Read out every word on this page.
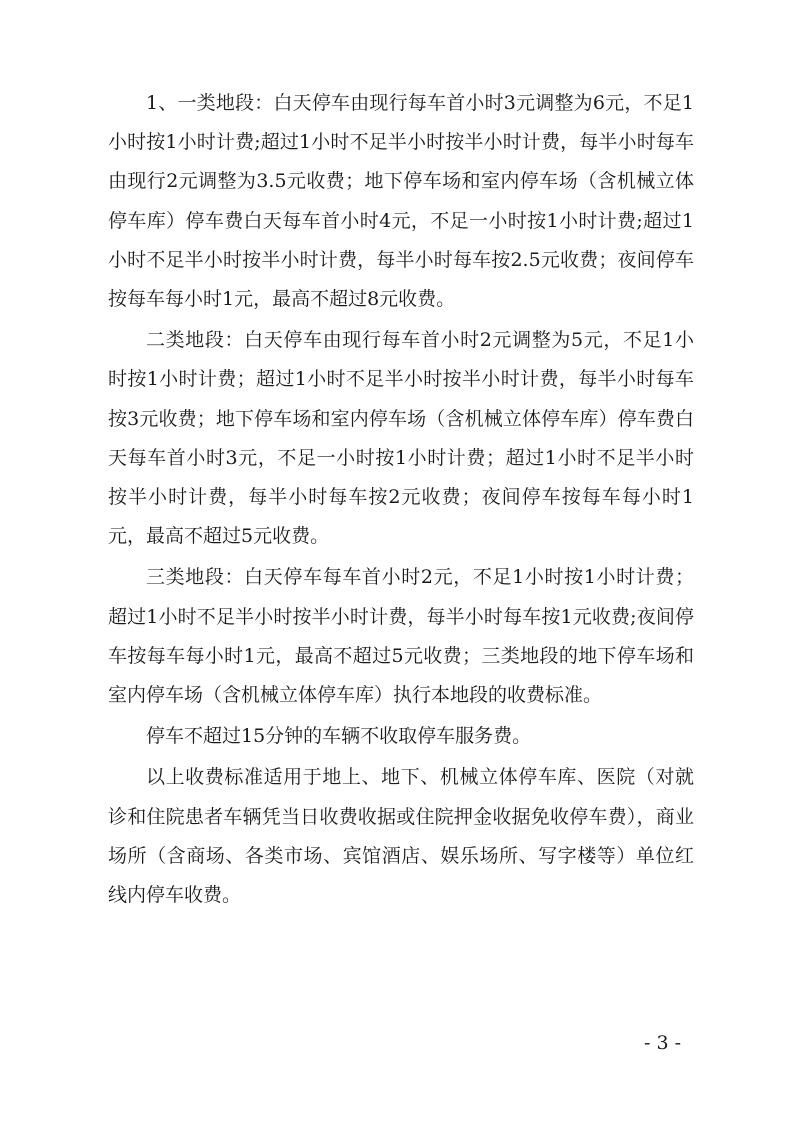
1、一类地段：白天停车由现行每车首小时3元调整为6元，不足1小时按1小时计费;超过1小时不足半小时按半小时计费，每半小时每车由现行2元调整为3.5元收费；地下停车场和室内停车场（含机械立体停车库）停车费白天每车首小时4元，不足一小时按1小时计费;超过1小时不足半小时按半小时计费，每半小时每车按2.5元收费；夜间停车按每车每小时1元，最高不超过8元收费。

二类地段：白天停车由现行每车首小时2元调整为5元，不足1小时按1小时计费；超过1小时不足半小时按半小时计费，每半小时每车按3元收费；地下停车场和室内停车场（含机械立体停车库）停车费白天每车首小时3元，不足一小时按1小时计费；超过1小时不足半小时按半小时计费，每半小时每车按2元收费；夜间停车按每车每小时1元，最高不超过5元收费。

三类地段：白天停车每车首小时2元，不足1小时按1小时计费；超过1小时不足半小时按半小时计费，每半小时每车按1元收费;夜间停车按每车每小时1元，最高不超过5元收费；三类地段的地下停车场和室内停车场（含机械立体停车库）执行本地段的收费标准。

停车不超过15分钟的车辆不收取停车服务费。

以上收费标准适用于地上、地下、机械立体停车库、医院（对就诊和住院患者车辆凭当日收费收据或住院押金收据免收停车费），商业场所（含商场、各类市场、宾馆酒店、娱乐场所、写字楼等）单位红线内停车收费。

- 3 -
